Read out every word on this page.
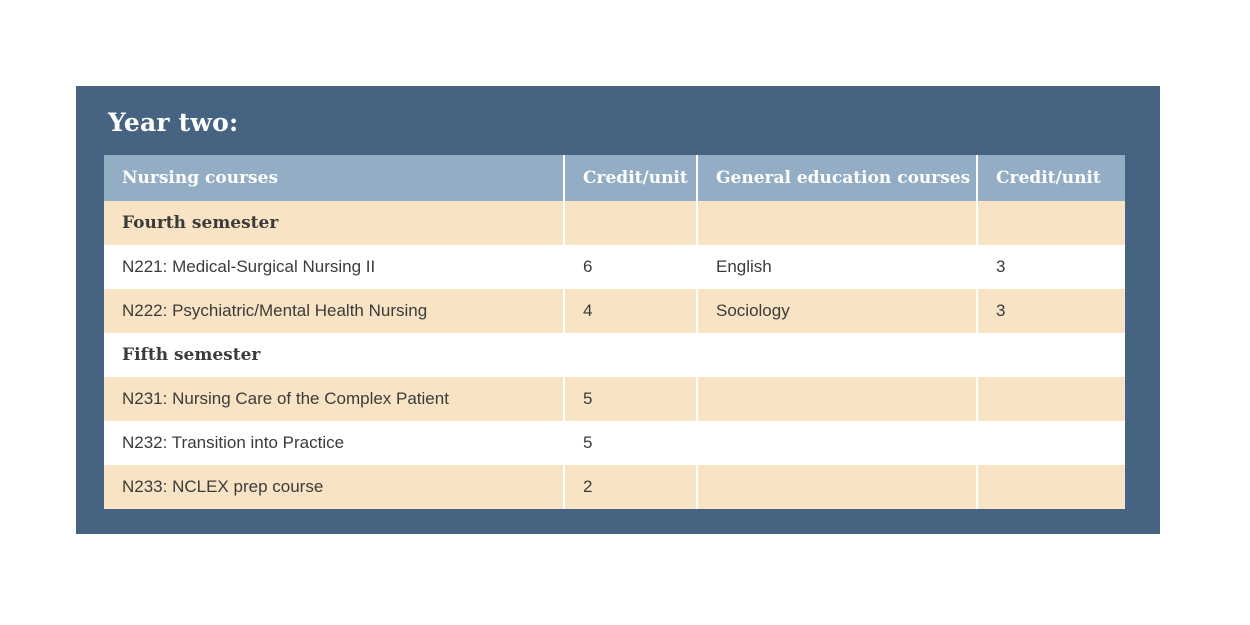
Year two:
Nursing courses	Credit/unit	General education courses	Credit/unit
Fourth semester			
N221: Medical-Surgical Nursing II	6	English	3
N222: Psychiatric/Mental Health Nursing	4	Sociology	3
Fifth semester			
N231: Nursing Care of the Complex Patient	5		
N232: Transition into Practice	5		
N233: NCLEX prep course	2		
